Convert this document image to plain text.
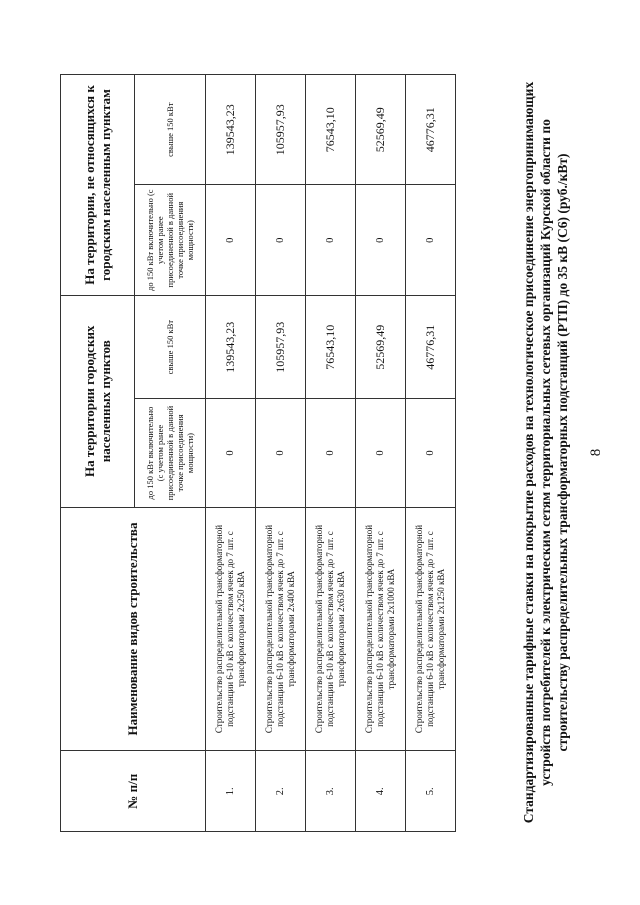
8
Стандартизированные тарифные ставки на покрытие расходов на технологическое присоединение энергопринимающих устройств потребителей к электрическим сетям территориальных сетевых организаций Курской области по строительству распределительных трансформаторных подстанций (РТП) до 35 кВ (С6) (руб./кВт)
№ п/п	Наименование видов строительства	На территории городских населенных пунктов		На территории, не относящихся к городским населенным пунктам	
		до 150 кВт включительно (с учетом ранее присоединенной в данной точке присоединения мощности)	свыше 150 кВт	до 150 кВт включительно (с учетом ранее присоединенной в данной точке присоединения мощности)	свыше 150 кВт
1.	Строительство распределительной трансформаторной подстанции 6-10 кВ с количеством ячеек до 7 шт. с трансформаторами 2х250 кВА	0	139543,23	0	139543,23
2.	Строительство распределительной трансформаторной подстанции 6-10 кВ с количеством ячеек до 7 шт. с трансформаторами 2х400 кВА	0	105957,93	0	105957,93
3.	Строительство распределительной трансформаторной подстанции 6-10 кВ с количеством ячеек до 7 шт. с трансформаторами 2х630 кВА	0	76543,10	0	76543,10
4.	Строительство распределительной трансформаторной подстанции 6-10 кВ с количеством ячеек до 7 шт. с трансформаторами 2х1000 кВА	0	52569,49	0	52569,49
5.	Строительство распределительной трансформаторной подстанции 6-10 кВ с количеством ячеек до 7 шт. с трансформаторами 2х1250 кВА	0	46776,31	0	46776,31
